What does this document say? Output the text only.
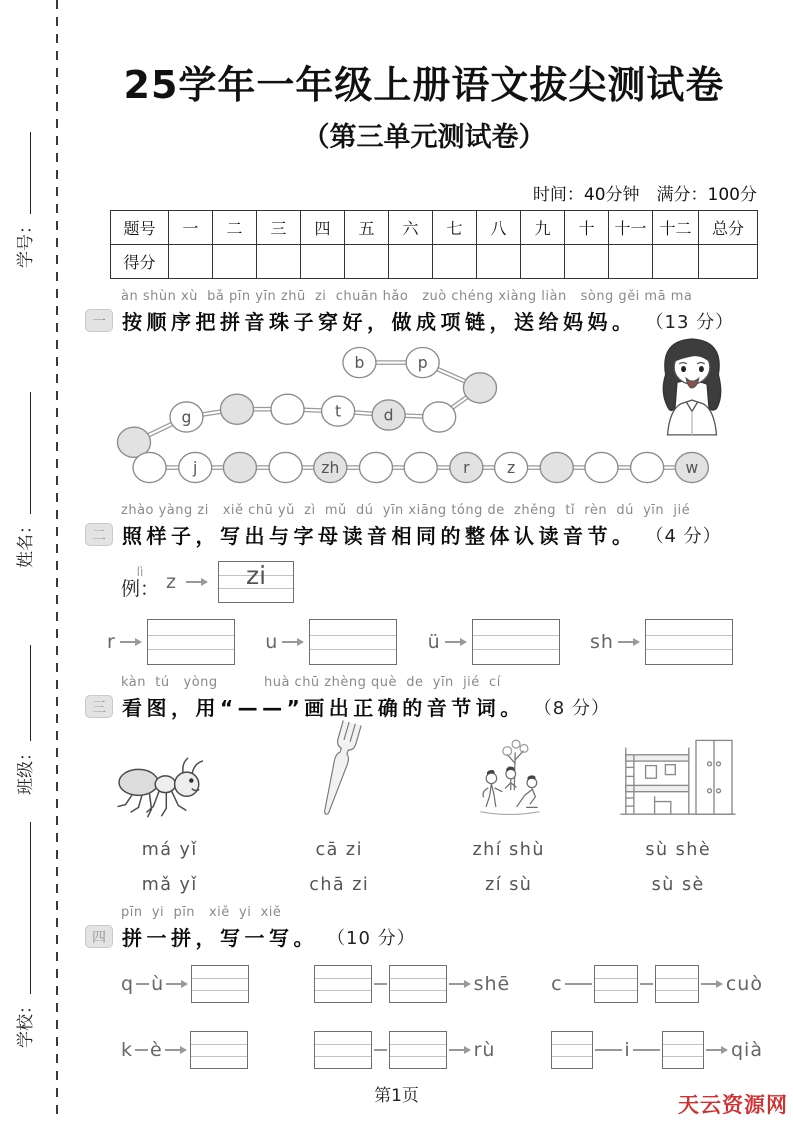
学号：
姓名：
班级：
学校：
25学年一年级上册语文拔尖测试卷
（第三单元测试卷）
时间：40分钟　满分：100分
题号	一	二	三	四	五	六	七	八	九	十	十一	十二	总分
得分													
àn shùn xù  bǎ pīn yīn zhū  zi  chuān hǎo   zuò chéng xiàng liàn   sòng gěi mā ma
一 按顺序把拼音珠子穿好，做成项链，送给妈妈。 （13 分）
b	p
d
t
g
j	zh	r z	w
zhào yàng zi   xiě chū yǔ  zì  mǔ  dú  yīn xiāng tóng de  zhěng  tǐ  rèn  dú  yīn  jié
二 照样子，写出与字母读音相同的整体认读音节。 （4 分）
lì
例： z	zi
r	u	ü	sh
kàn  tú   yòng          huà chū zhèng què  de  yīn  jié  cí
三 看图，用“——”画出正确的音节词。 （8 分）
má yǐ
mǎ yǐ
cā zi
chā zi
zhí shù
zí sù
sù shè
sù sè
pīn  yi  pīn   xiě  yi  xiě
四 拼一拼，写一写。 （10 分）
q ù	shē c	cuò
k è	rù	i	qià
第1页	天云资源网
